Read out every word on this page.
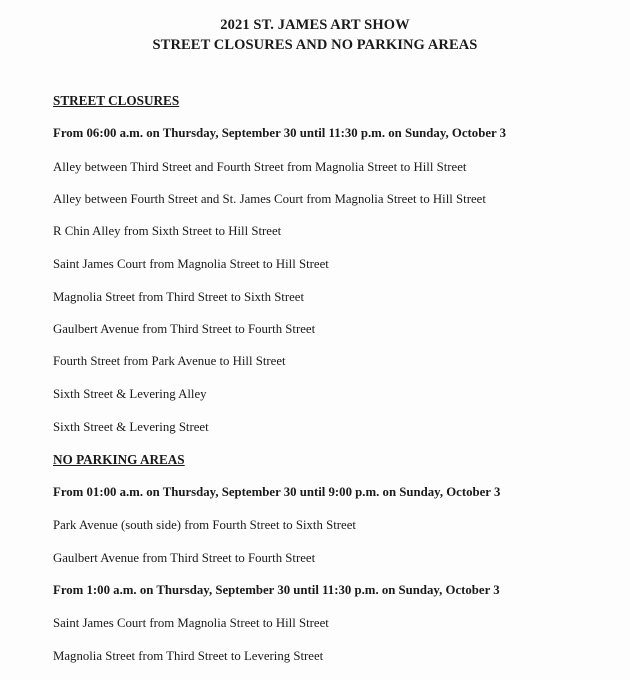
2021 ST. JAMES ART SHOW
STREET CLOSURES AND NO PARKING AREAS
STREET CLOSURES
From 06:00 a.m. on Thursday, September 30 until 11:30 p.m. on Sunday, October 3
Alley between Third Street and Fourth Street from Magnolia Street to Hill Street
Alley between Fourth Street and St. James Court from Magnolia Street to Hill Street
R Chin Alley from Sixth Street to Hill Street
Saint James Court from Magnolia Street to Hill Street
Magnolia Street from Third Street to Sixth Street
Gaulbert Avenue from Third Street to Fourth Street
Fourth Street from Park Avenue to Hill Street
Sixth Street & Levering Alley
Sixth Street & Levering Street
NO PARKING AREAS
From 01:00 a.m. on Thursday, September 30 until 9:00 p.m. on Sunday, October 3
Park Avenue (south side) from Fourth Street to Sixth Street
Gaulbert Avenue from Third Street to Fourth Street
From 1:00 a.m. on Thursday, September 30 until 11:30 p.m. on Sunday, October 3
Saint James Court from Magnolia Street to Hill Street
Magnolia Street from Third Street to Levering Street
